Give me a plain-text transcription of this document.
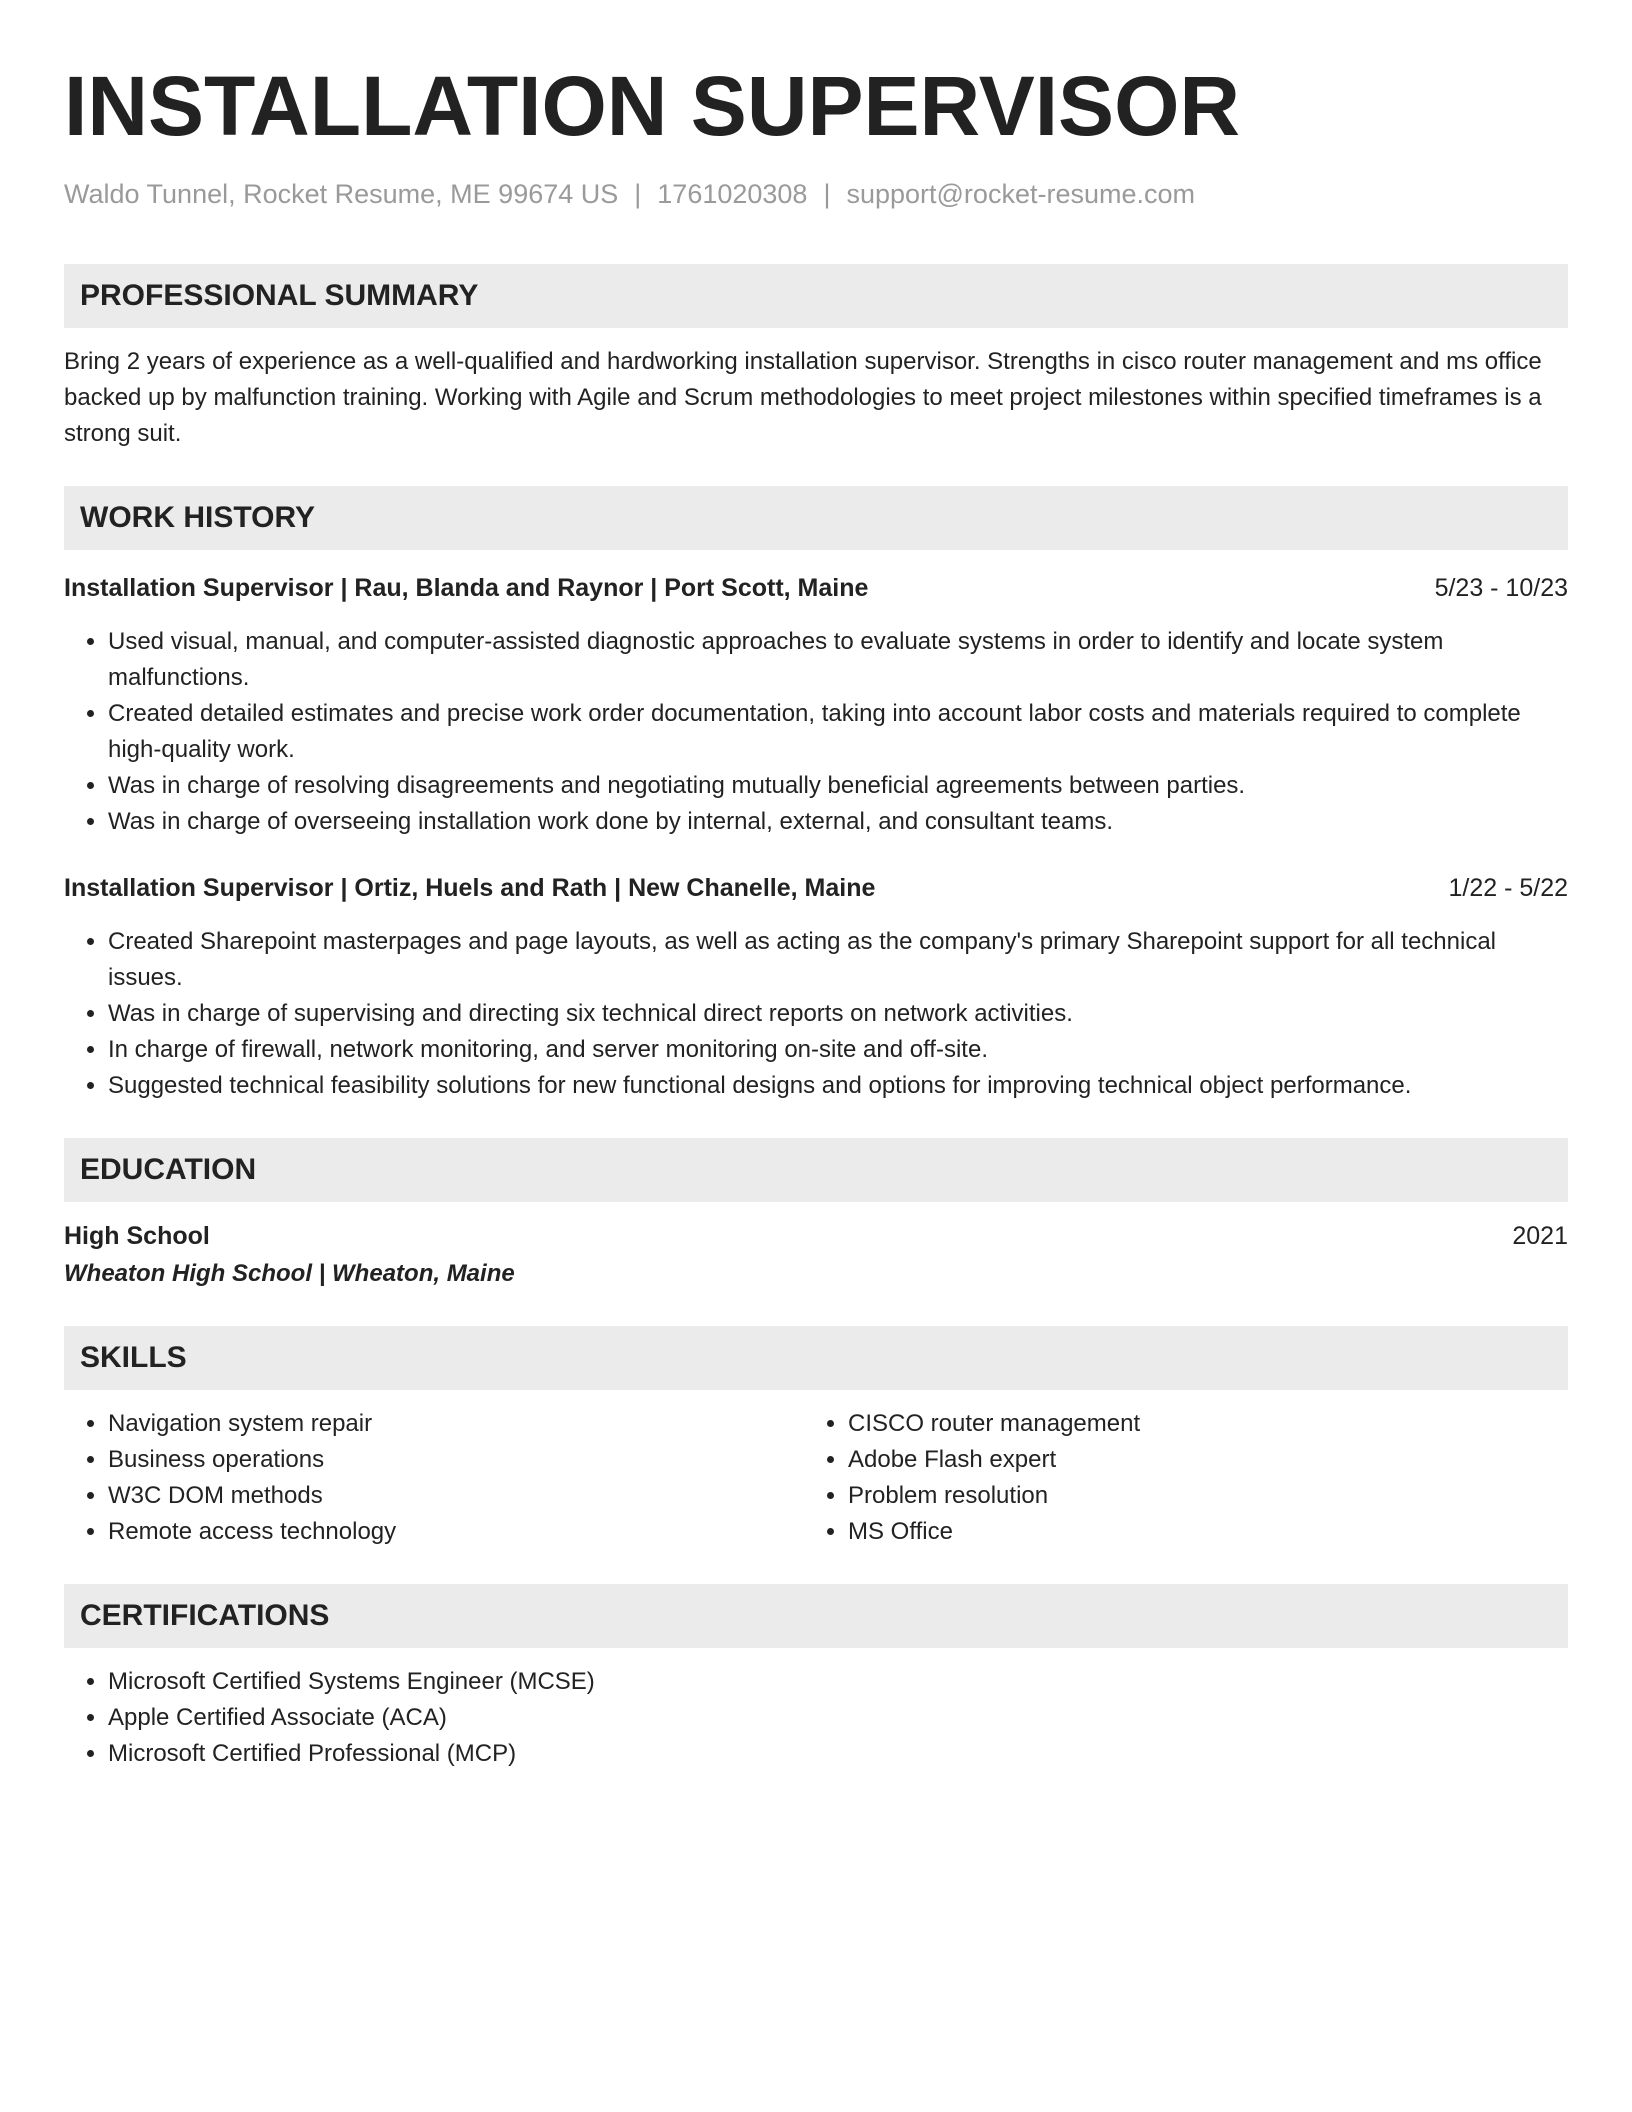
INSTALLATION SUPERVISOR
Waldo Tunnel, Rocket Resume, ME 99674 US | 1761020308 | support@rocket-resume.com
PROFESSIONAL SUMMARY
Bring 2 years of experience as a well-qualified and hardworking installation supervisor. Strengths in cisco router management and ms office backed up by malfunction training. Working with Agile and Scrum methodologies to meet project milestones within specified timeframes is a strong suit.
WORK HISTORY
Installation Supervisor | Rau, Blanda and Raynor | Port Scott, Maine	5/23 - 10/23
• Used visual, manual, and computer-assisted diagnostic approaches to evaluate systems in order to identify and locate system malfunctions.
• Created detailed estimates and precise work order documentation, taking into account labor costs and materials required to complete high-quality work.
• Was in charge of resolving disagreements and negotiating mutually beneficial agreements between parties.
• Was in charge of overseeing installation work done by internal, external, and consultant teams.
Installation Supervisor | Ortiz, Huels and Rath | New Chanelle, Maine	1/22 - 5/22
• Created Sharepoint masterpages and page layouts, as well as acting as the company's primary Sharepoint support for all technical issues.
• Was in charge of supervising and directing six technical direct reports on network activities.
• In charge of firewall, network monitoring, and server monitoring on-site and off-site.
• Suggested technical feasibility solutions for new functional designs and options for improving technical object performance.
EDUCATION
High School	2021
Wheaton High School | Wheaton, Maine
SKILLS
• Navigation system repair
• Business operations
• W3C DOM methods
• Remote access technology
• CISCO router management
• Adobe Flash expert
• Problem resolution
• MS Office
CERTIFICATIONS
• Microsoft Certified Systems Engineer (MCSE)
• Apple Certified Associate (ACA)
• Microsoft Certified Professional (MCP)
